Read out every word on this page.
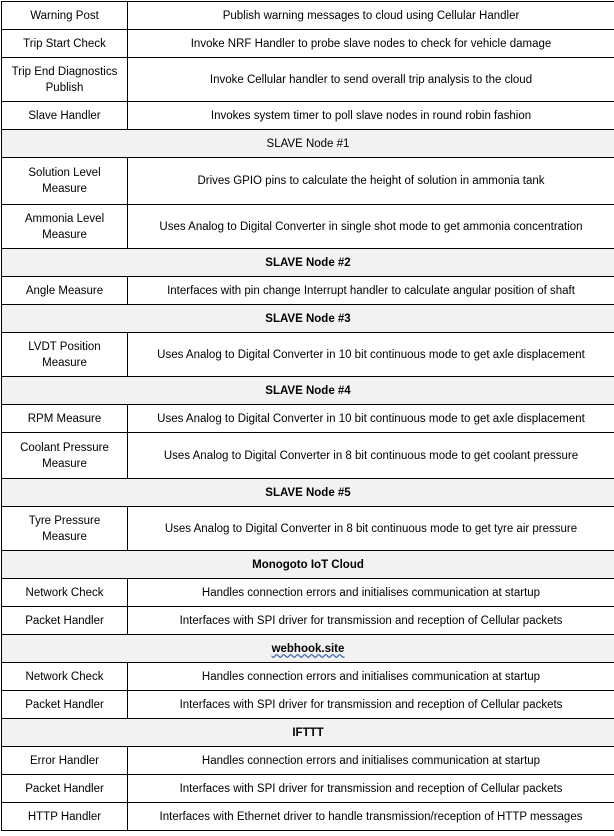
Warning Post	Publish warning messages to cloud using Cellular Handler
Trip Start Check	Invoke NRF Handler to probe slave nodes to check for vehicle damage
Trip End Diagnostics Publish	Invoke Cellular handler to send overall trip analysis to the cloud
Slave Handler	Invokes system timer to poll slave nodes in round robin fashion
SLAVE Node #1	
Solution Level Measure	Drives GPIO pins to calculate the height of solution in ammonia tank
Ammonia Level Measure	Uses Analog to Digital Converter in single shot mode to get ammonia concentration
SLAVE Node #2	
Angle Measure	Interfaces with pin change Interrupt handler to calculate angular position of shaft
SLAVE Node #3	
LVDT Position Measure	Uses Analog to Digital Converter in 10 bit continuous mode to get axle displacement
SLAVE Node #4	
RPM Measure	Uses Analog to Digital Converter in 10 bit continuous mode to get axle displacement
Coolant Pressure Measure	Uses Analog to Digital Converter in 8 bit continuous mode to get coolant pressure
SLAVE Node #5	
Tyre Pressure Measure	Uses Analog to Digital Converter in 8 bit continuous mode to get tyre air pressure
Monogoto IoT Cloud	
Network Check	Handles connection errors and initialises communication at startup
Packet Handler	Interfaces with SPI driver for transmission and reception of Cellular packets
webhook.site	
Network Check	Handles connection errors and initialises communication at startup
Packet Handler	Interfaces with SPI driver for transmission and reception of Cellular packets
IFTTT	
Error Handler	Handles connection errors and initialises communication at startup
Packet Handler	Interfaces with SPI driver for transmission and reception of Cellular packets
HTTP Handler	Interfaces with Ethernet driver to handle transmission/reception of HTTP messages
